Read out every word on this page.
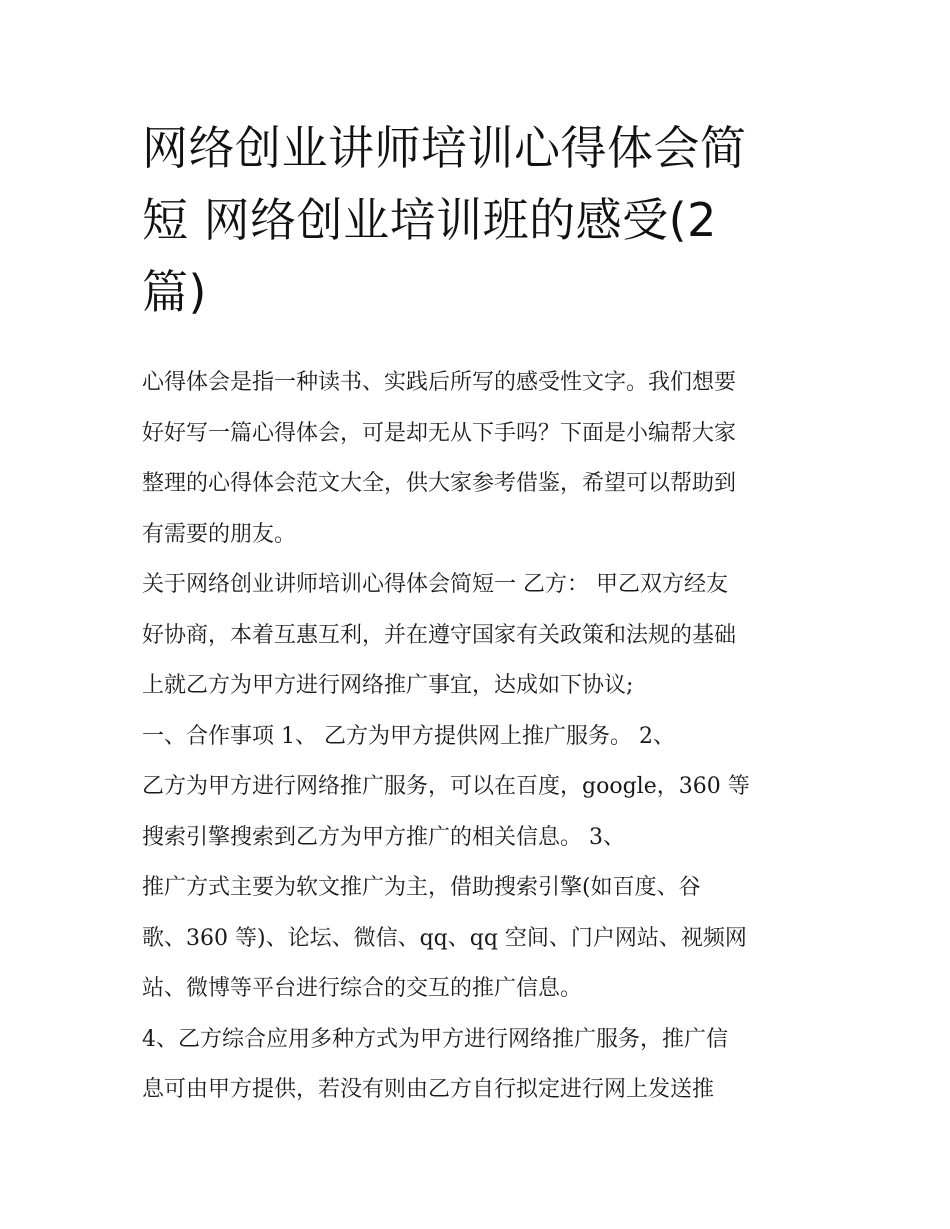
网络创业讲师培训心得体会简
短 网络创业培训班的感受(2
篇)
心得体会是指一种读书、实践后所写的感受性文字。我们想要
好好写一篇心得体会，可是却无从下手吗？下面是小编帮大家
整理的心得体会范文大全，供大家参考借鉴，希望可以帮助到
有需要的朋友。
关于网络创业讲师培训心得体会简短一 乙方： 甲乙双方经友
好协商，本着互惠互利，并在遵守国家有关政策和法规的基础
上就乙方为甲方进行网络推广事宜，达成如下协议;
一、合作事项 1、 乙方为甲方提供网上推广服务。 2、
乙方为甲方进行网络推广服务，可以在百度，google，360 等
搜索引擎搜索到乙方为甲方推广的相关信息。 3、
推广方式主要为软文推广为主，借助搜索引擎(如百度、谷
歌、360 等)、论坛、微信、qq、qq 空间、门户网站、视频网
站、微博等平台进行综合的交互的推广信息。
4、乙方综合应用多种方式为甲方进行网络推广服务，推广信
息可由甲方提供，若没有则由乙方自行拟定进行网上发送推
